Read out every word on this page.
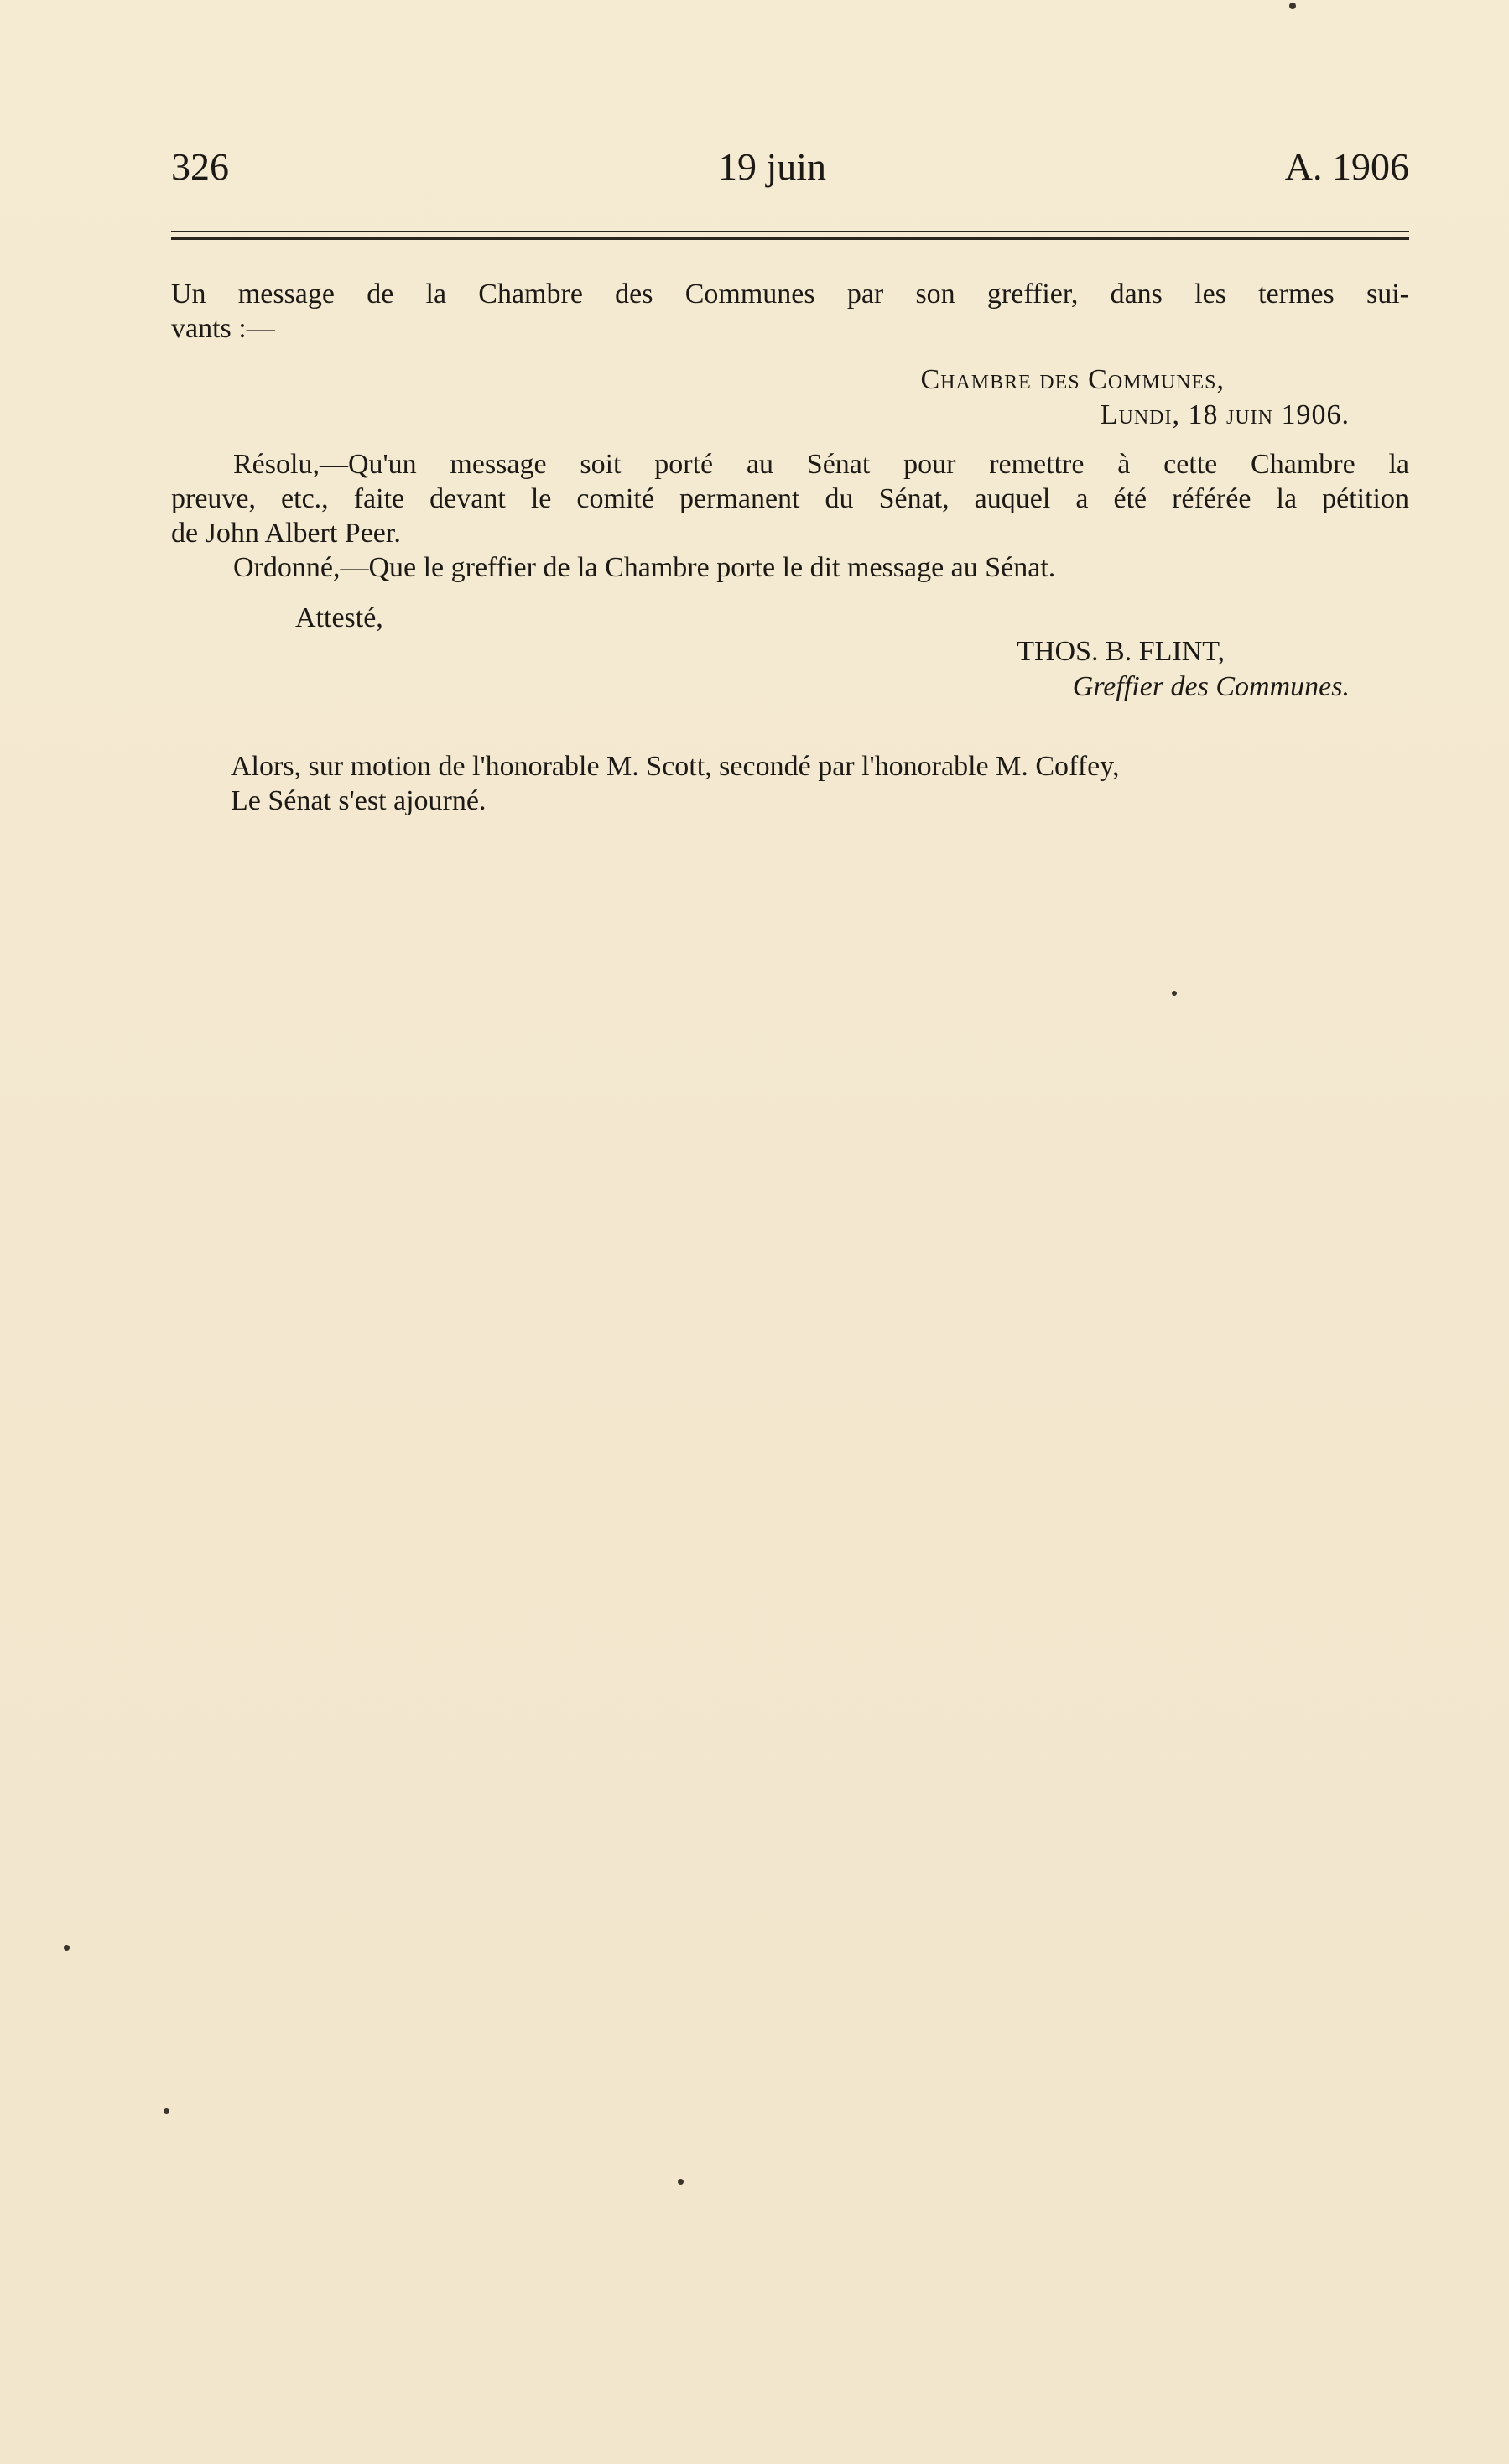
326	19 juin	A. 1906
Un message de la Chambre des Communes par son greffier, dans les termes sui-
vants :—
Chambre des Communes,
Lundi, 18 juin 1906.
Résolu,—Qu'un message soit porté au Sénat pour remettre à cette Chambre la
preuve, etc., faite devant le comité permanent du Sénat, auquel a été référée la pétition
de John Albert Peer.
Ordonné,—Que le greffier de la Chambre porte le dit message au Sénat.
Attesté,
THOS. B. FLINT,
Greffier des Communes.
Alors, sur motion de l'honorable M. Scott, secondé par l'honorable M. Coffey,
Le Sénat s'est ajourné.
